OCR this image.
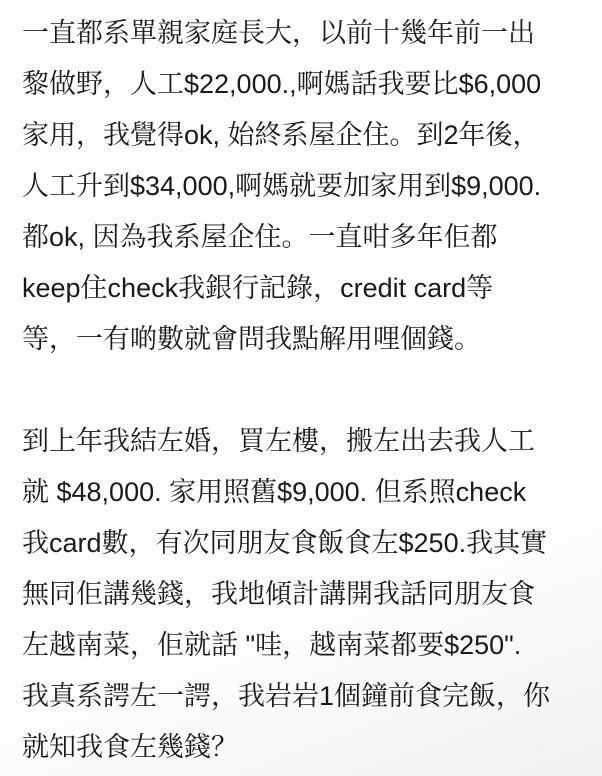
一直都系單親家庭長大，以前十幾年前一出
黎做野，人工$22,000.,啊媽話我要比$6,000
家用，我覺得ok, 始終系屋企住。到2年後，
人工升到$34,000,啊媽就要加家用到$9,000.
都ok, 因為我系屋企住。一直咁多年佢都
keep住check我銀行記錄，credit card等
等，一有啲數就會問我點解用哩個錢。

到上年我結左婚，買左樓，搬左出去我人工
就 $48,000. 家用照舊$9,000. 但系照check
我card數，有次同朋友食飯食左$250.我其實
無同佢講幾錢，我地傾計講開我話同朋友食
左越南菜，佢就話 "哇，越南菜都要$250".
我真系諤左一諤，我岩岩1個鐘前食完飯，你
就知我食左幾錢？
